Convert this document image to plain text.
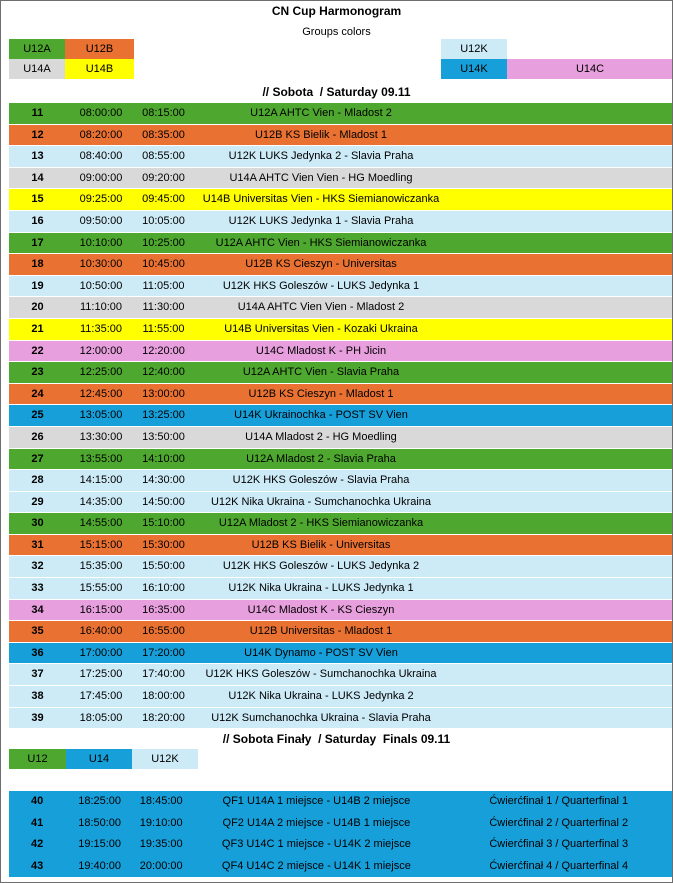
CN Cup Harmonogram
Groups colors
U12A	U12B
U14A	U14B
U12K
U14K	U14C
// Sobota  / Saturday 09.11
11	08:00:00	08:15:00	U12A AHTC Vien - Mladost 2
12	08:20:00	08:35:00	U12B KS Bielik - Mladost 1
13	08:40:00	08:55:00	U12K LUKS Jedynka 2 - Slavia Praha
14	09:00:00	09:20:00	U14A AHTC Vien Vien - HG Moedling
15	09:25:00	09:45:00	U14B Universitas Vien - HKS Siemianowiczanka
16	09:50:00	10:05:00	U12K LUKS Jedynka 1 - Slavia Praha
17	10:10:00	10:25:00	U12A AHTC Vien - HKS Siemianowiczanka
18	10:30:00	10:45:00	U12B KS Cieszyn - Universitas
19	10:50:00	11:05:00	U12K HKS Goleszów - LUKS Jedynka 1
20	11:10:00	11:30:00	U14A AHTC Vien Vien - Mladost 2
21	11:35:00	11:55:00	U14B Universitas Vien - Kozaki Ukraina
22	12:00:00	12:20:00	U14C Mladost K - PH Jicin
23	12:25:00	12:40:00	U12A AHTC Vien - Slavia Praha
24	12:45:00	13:00:00	U12B KS Cieszyn - Mladost 1
25	13:05:00	13:25:00	U14K Ukrainochka - POST SV Vien
26	13:30:00	13:50:00	U14A Mladost 2 - HG Moedling
27	13:55:00	14:10:00	U12A Mladost 2 - Slavia Praha
28	14:15:00	14:30:00	U12K HKS Goleszów - Slavia Praha
29	14:35:00	14:50:00	U12K Nika Ukraina - Sumchanochka Ukraina
30	14:55:00	15:10:00	U12A Mladost 2 - HKS Siemianowiczanka
31	15:15:00	15:30:00	U12B KS Bielik - Universitas
32	15:35:00	15:50:00	U12K HKS Goleszów - LUKS Jedynka 2
33	15:55:00	16:10:00	U12K Nika Ukraina - LUKS Jedynka 1
34	16:15:00	16:35:00	U14C Mladost K - KS Cieszyn
35	16:40:00	16:55:00	U12B Universitas - Mladost 1
36	17:00:00	17:20:00	U14K Dynamo - POST SV Vien
37	17:25:00	17:40:00	U12K HKS Goleszów - Sumchanochka Ukraina
38	17:45:00	18:00:00	U12K Nika Ukraina - LUKS Jedynka 2
39	18:05:00	18:20:00	U12K Sumchanochka Ukraina - Slavia Praha
// Sobota Finały  / Saturday  Finals 09.11
U12	U14	U12K
40	18:25:00	18:45:00	QF1 U14A 1 miejsce - U14B 2 miejsce	Ćwierćfinał 1 / Quarterfinal 1
41	18:50:00	19:10:00	QF2 U14A 2 miejsce - U14B 1 miejsce	Ćwierćfinał 2 / Quarterfinal 2
42	19:15:00	19:35:00	QF3 U14C 1 miejsce - U14K 2 miejsce	Ćwierćfinał 3 / Quarterfinal 3
43	19:40:00	20:00:00	QF4 U14C 2 miejsce - U14K 1 miejsce	Ćwierćfinał 4 / Quarterfinal 4
